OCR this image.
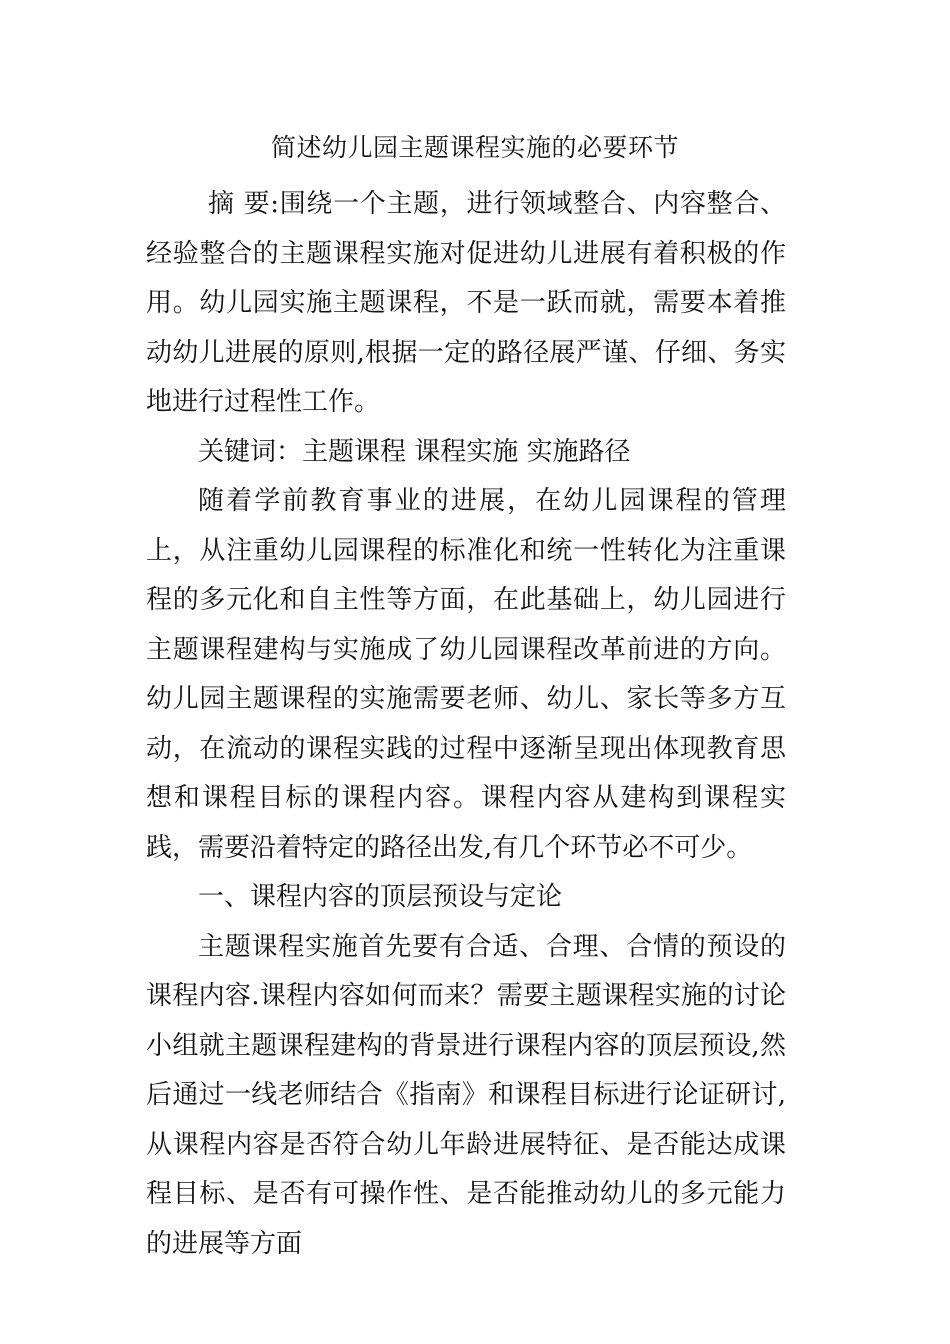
简述幼儿园主题课程实施的必要环节

摘 要:围绕一个主题，进行领域整合、内容整合、经验整合的主题课程实施对促进幼儿进展有着积极的作用。幼儿园实施主题课程，不是一跃而就，需要本着推动幼儿进展的原则,根据一定的路径展严谨、仔细、务实地进行过程性工作。

关键词：主题课程 课程实施 实施路径

随着学前教育事业的进展，在幼儿园课程的管理上，从注重幼儿园课程的标准化和统一性转化为注重课程的多元化和自主性等方面，在此基础上，幼儿园进行主题课程建构与实施成了幼儿园课程改革前进的方向。幼儿园主题课程的实施需要老师、幼儿、家长等多方互动，在流动的课程实践的过程中逐渐呈现出体现教育思想和课程目标的课程内容。课程内容从建构到课程实践，需要沿着特定的路径出发,有几个环节必不可少。

一、课程内容的顶层预设与定论

主题课程实施首先要有合适、合理、合情的预设的课程内容.课程内容如何而来？需要主题课程实施的讨论小组就主题课程建构的背景进行课程内容的顶层预设,然后通过一线老师结合《指南》和课程目标进行论证研讨,从课程内容是否符合幼儿年龄进展特征、是否能达成课程目标、是否有可操作性、是否能推动幼儿的多元能力的进展等方面
